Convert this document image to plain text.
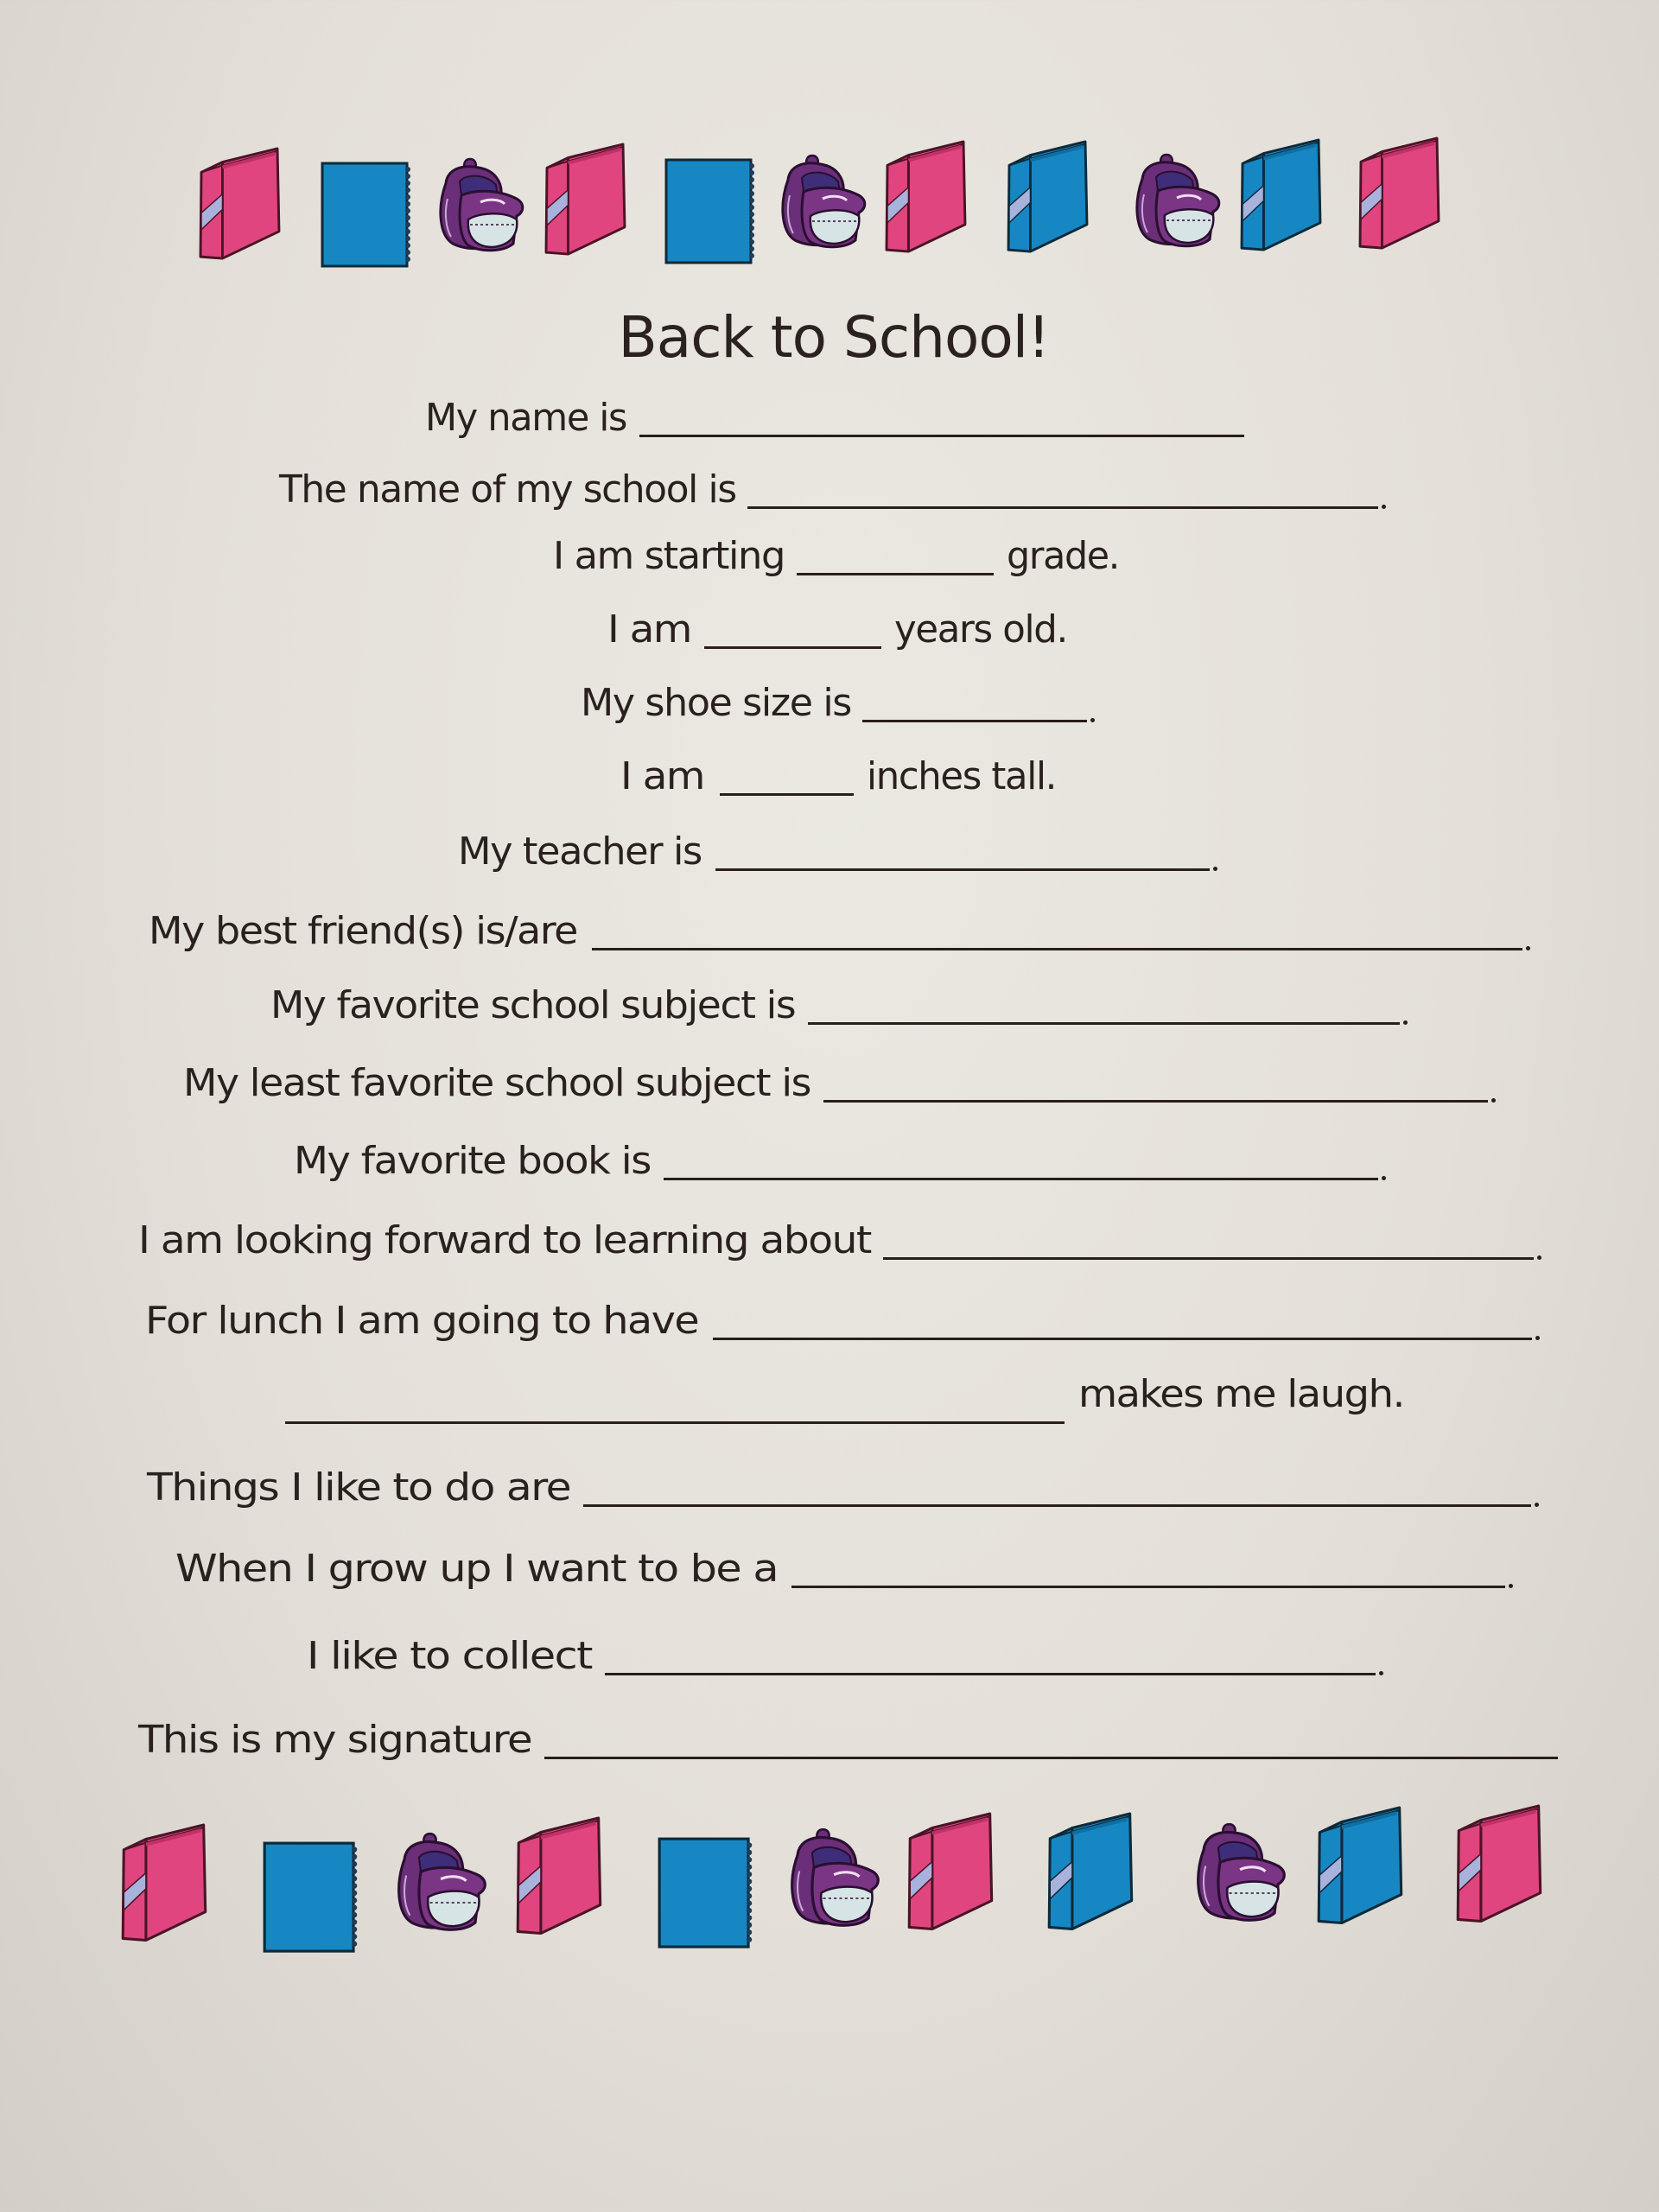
Back to School!
My name is
The name of my school is
I am starting	grade.
I am	years old.
My shoe size is
I am	inches tall.
My teacher is
My best friend(s) is/are
My favorite school subject is
My least favorite school subject is
My favorite book is
I am looking forward to learning about
For lunch I am going to have
makes me laugh.
Things I like to do are
When I grow up I want to be a
I like to collect
This is my signature
